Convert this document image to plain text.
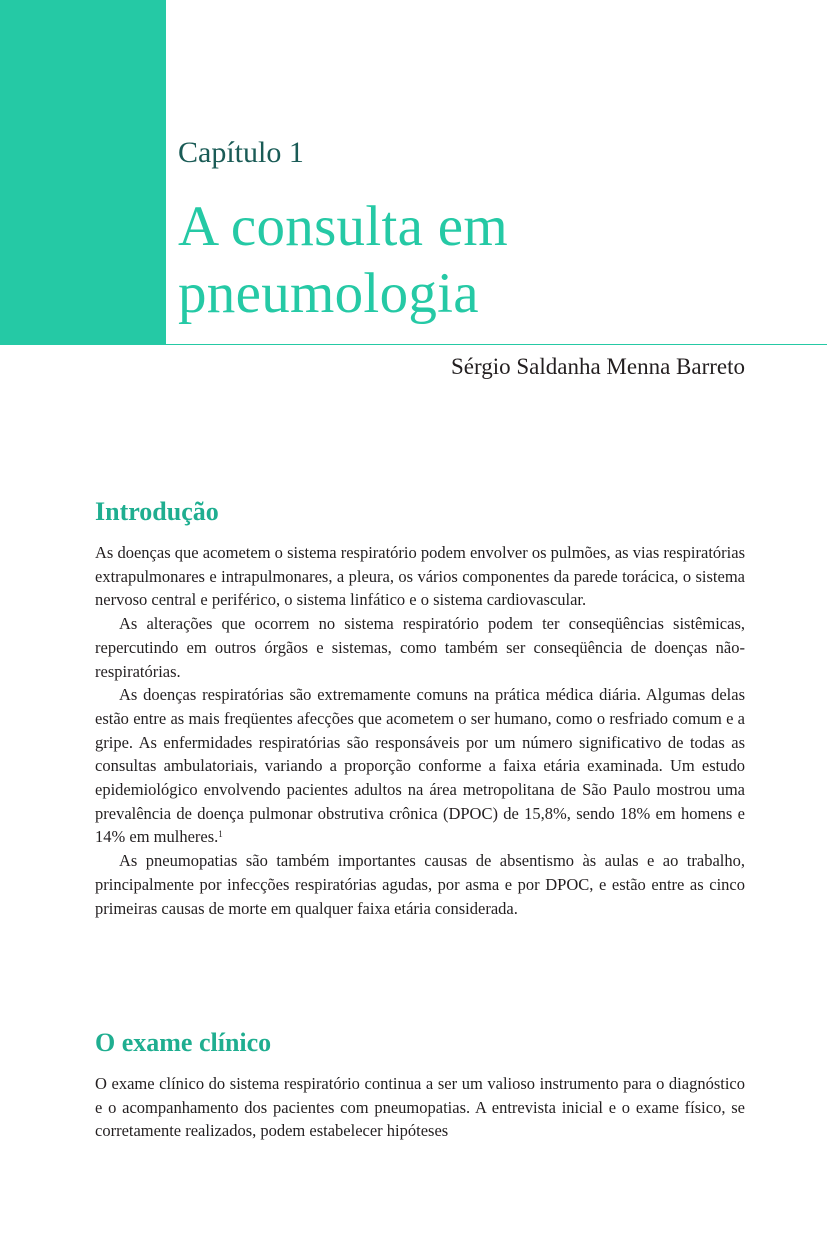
Capítulo 1
A consulta em
pneumologia

Sérgio Saldanha Menna Barreto

Introdução

As doenças que acometem o sistema respiratório podem envolver os pulmões, as vias respiratórias extrapulmonares e intrapulmonares, a pleura, os vários componentes da parede torácica, o sistema nervoso central e periférico, o sistema linfático e o sistema cardiovascular.

As alterações que ocorrem no sistema respiratório podem ter conseqüências sistêmicas, repercutindo em outros órgãos e sistemas, como também ser conseqüência de doenças não-respiratórias.

As doenças respiratórias são extremamente comuns na prática médica diária. Algumas delas estão entre as mais freqüentes afecções que acometem o ser humano, como o resfriado comum e a gripe. As enfermidades respiratórias são responsáveis por um número significativo de todas as consultas ambulatoriais, variando a proporção conforme a faixa etária examinada. Um estudo epidemiológico envolvendo pacientes adultos na área metropolitana de São Paulo mostrou uma prevalência de doença pulmonar obstrutiva crônica (DPOC) de 15,8%, sendo 18% em homens e 14% em mulheres.$^1$

As pneumopatias são também importantes causas de absentismo às aulas e ao trabalho, principalmente por infecções respiratórias agudas, por asma e por DPOC, e estão entre as cinco primeiras causas de morte em qualquer faixa etária considerada.

O exame clínico

O exame clínico do sistema respiratório continua a ser um valioso instrumento para o diagnóstico e o acompanhamento dos pacientes com pneumopatias. A entrevista inicial e o exame físico, se corretamente realizados, podem estabelecer hipóteses
